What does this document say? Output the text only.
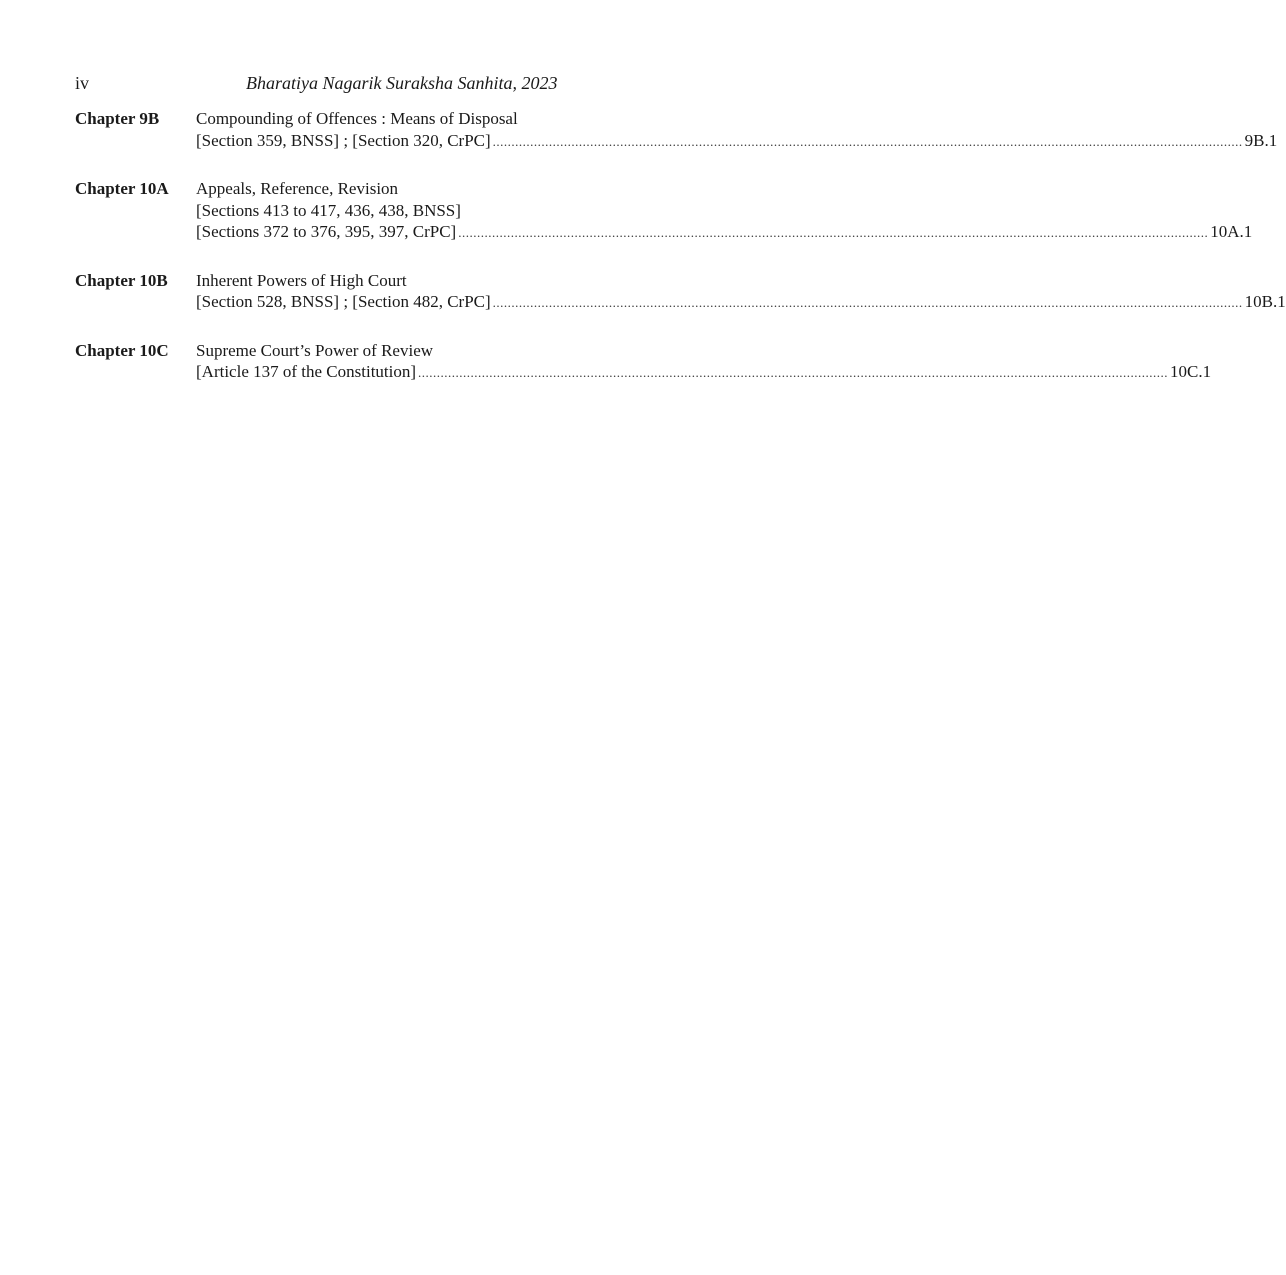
iv	Bharatiya Nagarik Suraksha Sanhita, 2023
Chapter 9B	Compounding of Offences : Means of Disposal
[Section 359, BNSS] ; [Section 320, CrPC] ........................................................................................................................................................................................................ 9B.1
Chapter 10A	Appeals, Reference, Revision
[Sections 413 to 417, 436, 438, BNSS]
[Sections 372 to 376, 395, 397, CrPC] ........................................................................................................................................................................................................ 10A.1
Chapter 10B	Inherent Powers of High Court
[Section 528, BNSS] ; [Section 482, CrPC] ........................................................................................................................................................................................................ 10B.1
Chapter 10C	Supreme Court’s Power of Review
[Article 137 of the Constitution] ........................................................................................................................................................................................................ 10C.1
